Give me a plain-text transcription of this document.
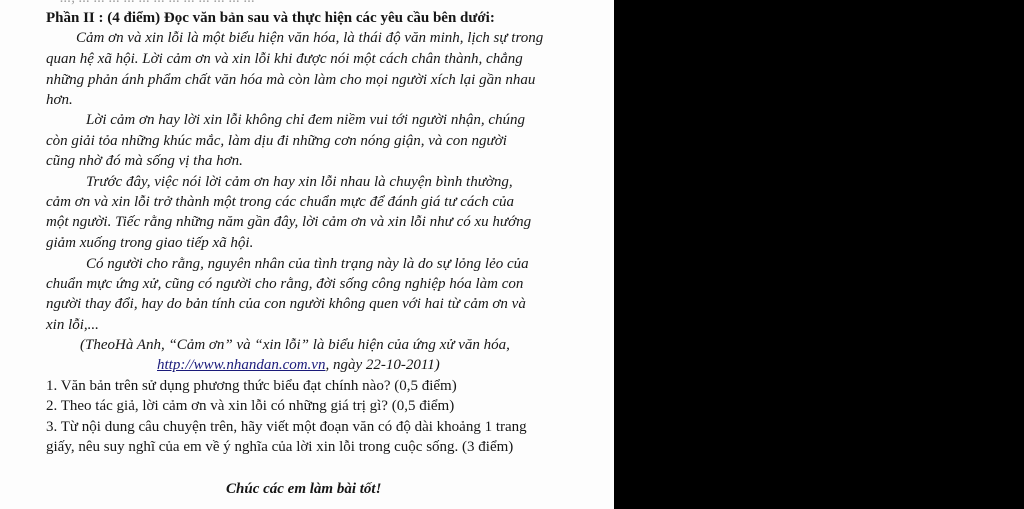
Phần II : (4 điểm) Đọc văn bản sau và thực hiện các yêu cầu bên dưới:
Cảm ơn và xin lỗi là một biểu hiện văn hóa, là thái độ văn minh, lịch sự trong
quan hệ xã hội. Lời cảm ơn và xin lỗi khi được nói một cách chân thành, chẳng
những phản ánh phẩm chất văn hóa mà còn làm cho mọi người xích lại gần nhau
hơn.
Lời cảm ơn hay lời xin lỗi không chỉ đem niềm vui tới người nhận, chúng
còn giải tỏa những khúc mắc, làm dịu đi những cơn nóng giận, và con người
cũng nhờ đó mà sống vị tha hơn.
Trước đây, việc nói lời cảm ơn hay xin lỗi nhau là chuyện bình thường,
cảm ơn và xin lỗi trở thành một trong các chuẩn mực để đánh giá tư cách của
một người. Tiếc rằng những năm gần đây, lời cảm ơn và xin lỗi như có xu hướng
giảm xuống trong giao tiếp xã hội.
Có người cho rằng, nguyên nhân của tình trạng này là do sự lỏng lẻo của
chuẩn mực ứng xử, cũng có người cho rằng, đời sống công nghiệp hóa làm con
người thay đổi, hay do bản tính của con người không quen với hai từ cảm ơn và
xin lỗi,...
(TheoHà Anh, “Cảm ơn” và “xin lỗi” là biểu hiện của ứng xử văn hóa,
http://www.nhandan.com.vn, ngày 22-10-2011)
1. Văn bản trên sử dụng phương thức biểu đạt chính nào? (0,5 điểm)
2. Theo tác giả, lời cảm ơn và xin lỗi có những giá trị gì? (0,5 điểm)
3. Từ nội dung câu chuyện trên, hãy viết một đoạn văn có độ dài khoảng 1 trang
giấy, nêu suy nghĩ của em về ý nghĩa của lời xin lỗi trong cuộc sống. (3 điểm)
Chúc các em làm bài tốt!
